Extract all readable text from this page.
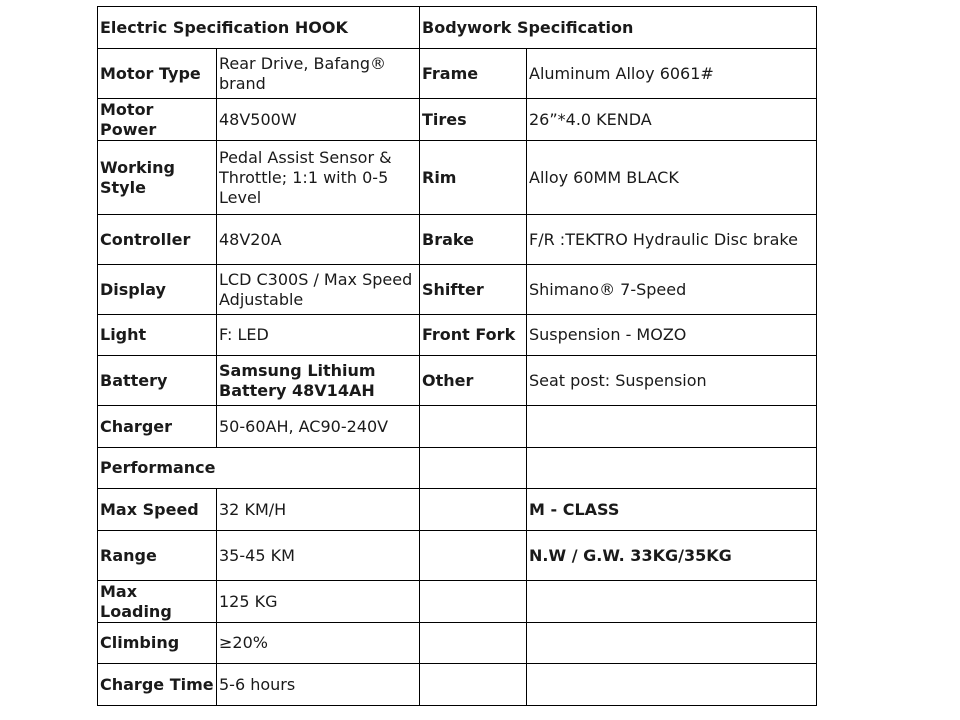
Electric Specification HOOK		Bodywork Specification	
Motor Type	Rear Drive, Bafang® brand	Frame	Aluminum Alloy 6061#
Motor Power	48V500W	Tires	26”*4.0 KENDA
Working Style	Pedal Assist Sensor & Throttle; 1:1 with 0-5 Level	Rim	Alloy 60MM BLACK
Controller	48V20A	Brake	F/R :TEKTRO Hydraulic Disc brake
Display	LCD C300S / Max Speed Adjustable	Shifter	Shimano® 7-Speed
Light	F: LED	Front Fork	Suspension - MOZO
Battery	Samsung Lithium Battery 48V14AH	Other	Seat post: Suspension
Charger	50-60AH, AC90-240V		
Performance			
Max Speed	32 KM/H		M - CLASS
Range	35-45 KM		N.W / G.W. 33KG/35KG
Max Loading	125 KG		
Climbing	≥20%		
Charge Time	5-6 hours		
